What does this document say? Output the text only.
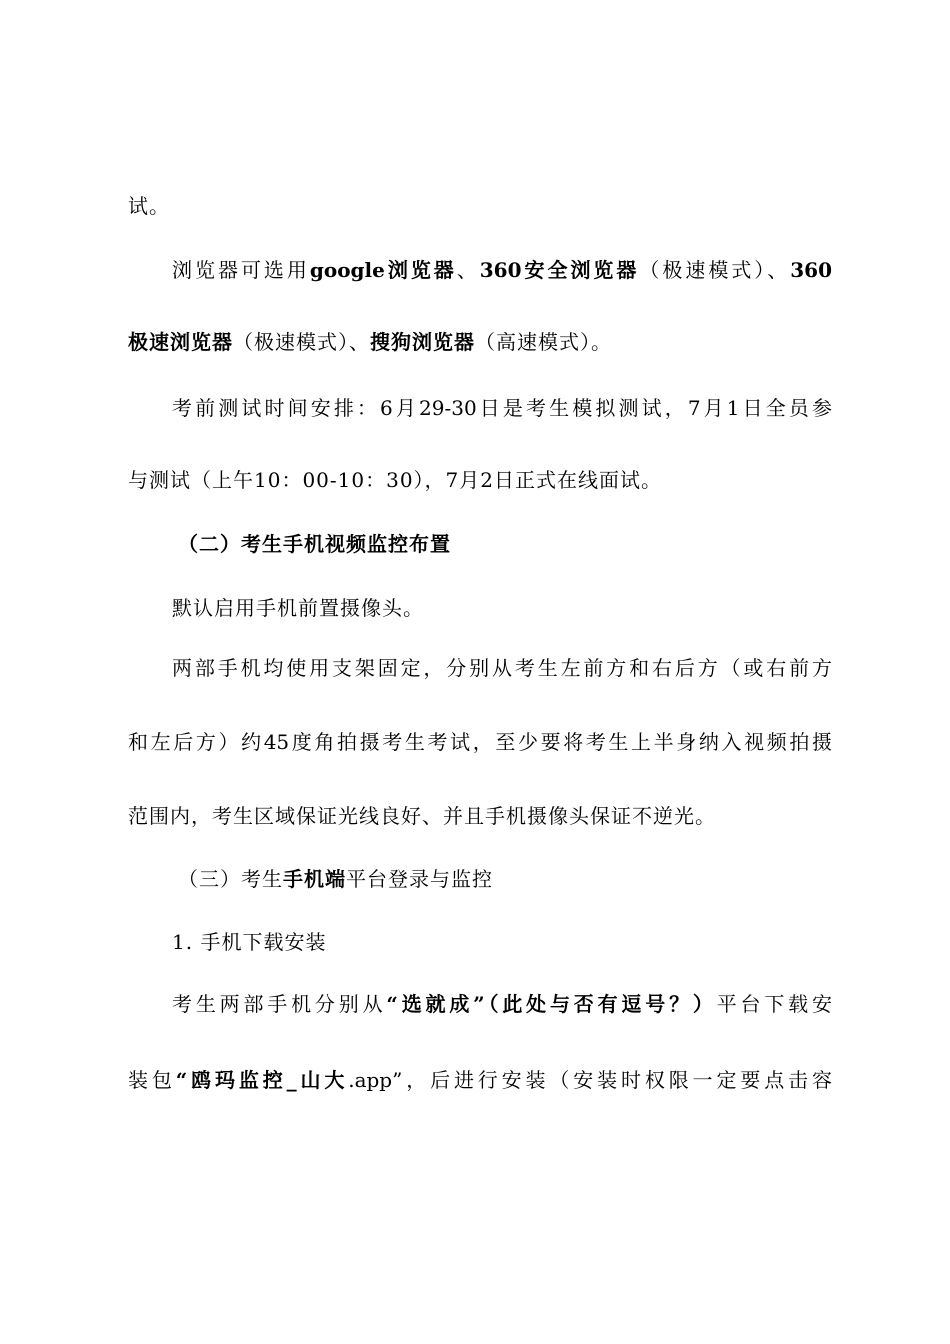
试。
浏览器可选用google浏览器、360安全浏览器（极速模式）、360
极速浏览器（极速模式）、搜狗浏览器（高速模式）。
考前测试时间安排：6月29-30日是考生模拟测试，7月1日全员参
与测试（上午10：00-10：30），7月2日正式在线面试。
（二）考生手机视频监控布置
默认启用手机前置摄像头。
两部手机均使用支架固定，分别从考生左前方和右后方（或右前方
和左后方）约45度角拍摄考生考试，至少要将考生上半身纳入视频拍摄
范围内，考生区域保证光线良好、并且手机摄像头保证不逆光。
（三）考生手机端平台登录与监控
1. 手机下载安装
考生两部手机分别从“选就成”（此处与否有逗号？）平台下载安
装包“鸥玛监控_山大.app”，后进行安装（安装时权限一定要点击容
